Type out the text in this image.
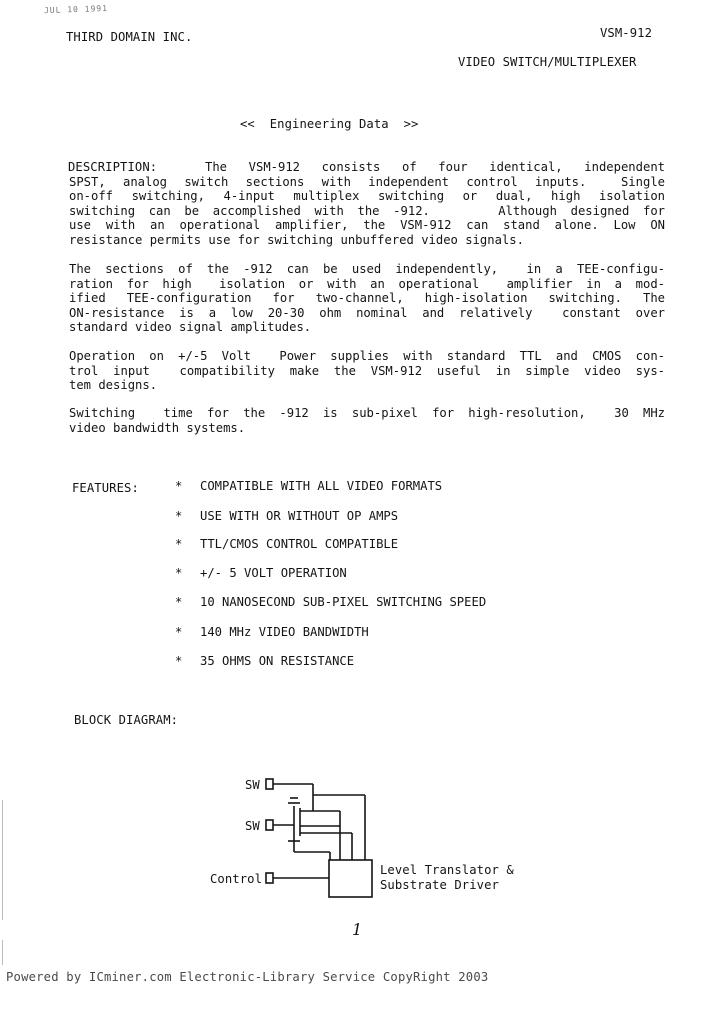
JUL 10 1991
THIRD DOMAIN INC.	VSM-912
VIDEO SWITCH/MULTIPLEXER
<<  Engineering Data  >>
DESCRIPTION:	The VSM-912 consists of four identical, independent
SPST, analog switch sections with independent control inputs.  Single
on-off switching, 4-input multiplex switching or dual, high isolation
switching can be accomplished with the -912.     Although designed for
use with an operational amplifier, the VSM-912 can stand alone. Low ON
resistance permits use for switching unbuffered video signals.
The sections of the -912 can be used independently,  in a TEE-configu-
ration for high  isolation or with an operational  amplifier in a mod-
ified TEE-configuration for two-channel, high-isolation switching. The
ON-resistance is a low 20-30 ohm nominal and relatively  constant over
standard video signal amplitudes.
Operation on +/-5 Volt  Power supplies with standard TTL and CMOS con-
trol input  compatibility make the VSM-912 useful in simple video sys-
tem designs.
Switching  time for the -912 is sub-pixel for high-resolution,  30 MHz
video bandwidth systems.
FEATURES:	* COMPATIBLE WITH ALL VIDEO FORMATS
* USE WITH OR WITHOUT OP AMPS
* TTL/CMOS CONTROL COMPATIBLE
* +/- 5 VOLT OPERATION
* 10 NANOSECOND SUB-PIXEL SWITCHING SPEED
* 140 MHz VIDEO BANDWIDTH
* 35 OHMS ON RESISTANCE
BLOCK DIAGRAM:
SW
SW
Control
Level Translator &
Substrate Driver
1
Powered by ICminer.com Electronic-Library Service CopyRight 2003
